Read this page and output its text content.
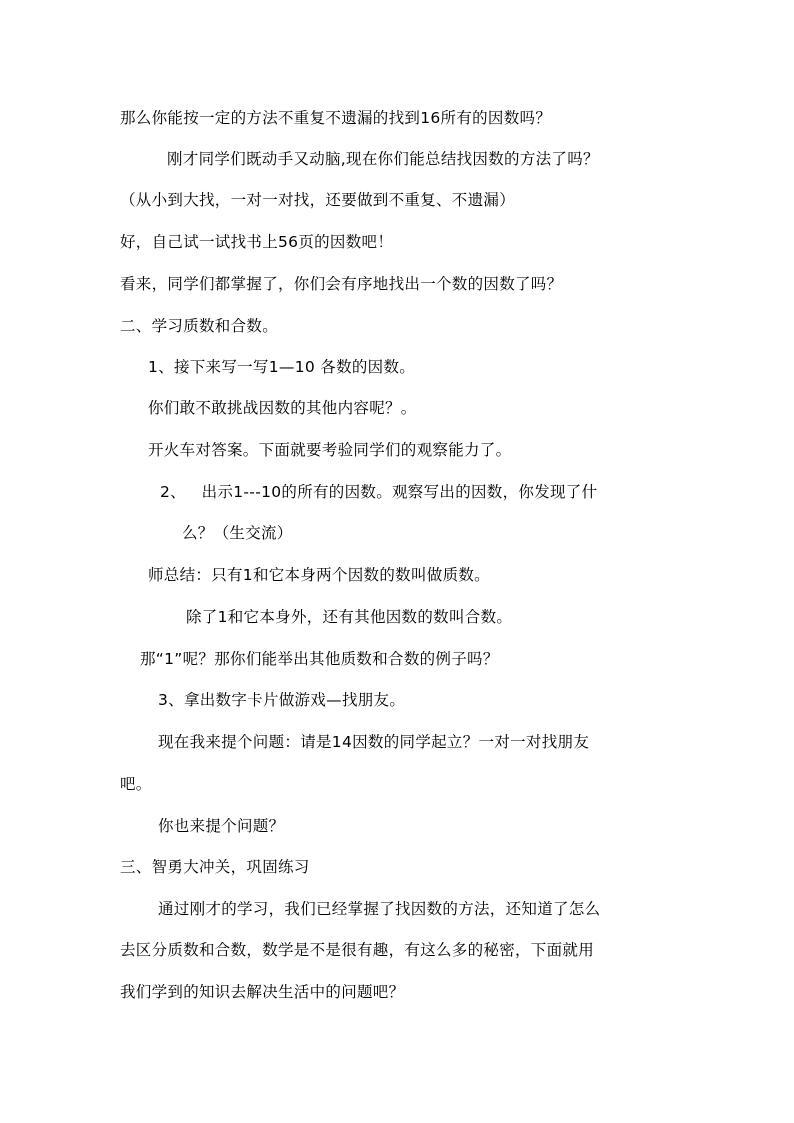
那么你能按一定的方法不重复不遗漏的找到16所有的因数吗？
刚才同学们既动手又动脑,现在你们能总结找因数的方法了吗？
（从小到大找，一对一对找，还要做到不重复、不遗漏）
好，自己试一试找书上56页的因数吧！
看来，同学们都掌握了，你们会有序地找出一个数的因数了吗？
二、学习质数和合数。
1、接下来写一写1—10 各数的因数。
你们敢不敢挑战因数的其他内容呢？。
开火车对答案。下面就要考验同学们的观察能力了。
2、   出示1---10的所有的因数。观察写出的因数，你发现了什
么？（生交流）
师总结：只有1和它本身两个因数的数叫做质数。
除了1和它本身外，还有其他因数的数叫合数。
那“1”呢？那你们能举出其他质数和合数的例子吗？
3、拿出数字卡片做游戏—找朋友。
现在我来提个问题：请是14因数的同学起立？一对一对找朋友
吧。
你也来提个问题？
三、智勇大冲关，巩固练习
通过刚才的学习，我们已经掌握了找因数的方法，还知道了怎么
去区分质数和合数，数学是不是很有趣，有这么多的秘密，下面就用
我们学到的知识去解决生活中的问题吧？
